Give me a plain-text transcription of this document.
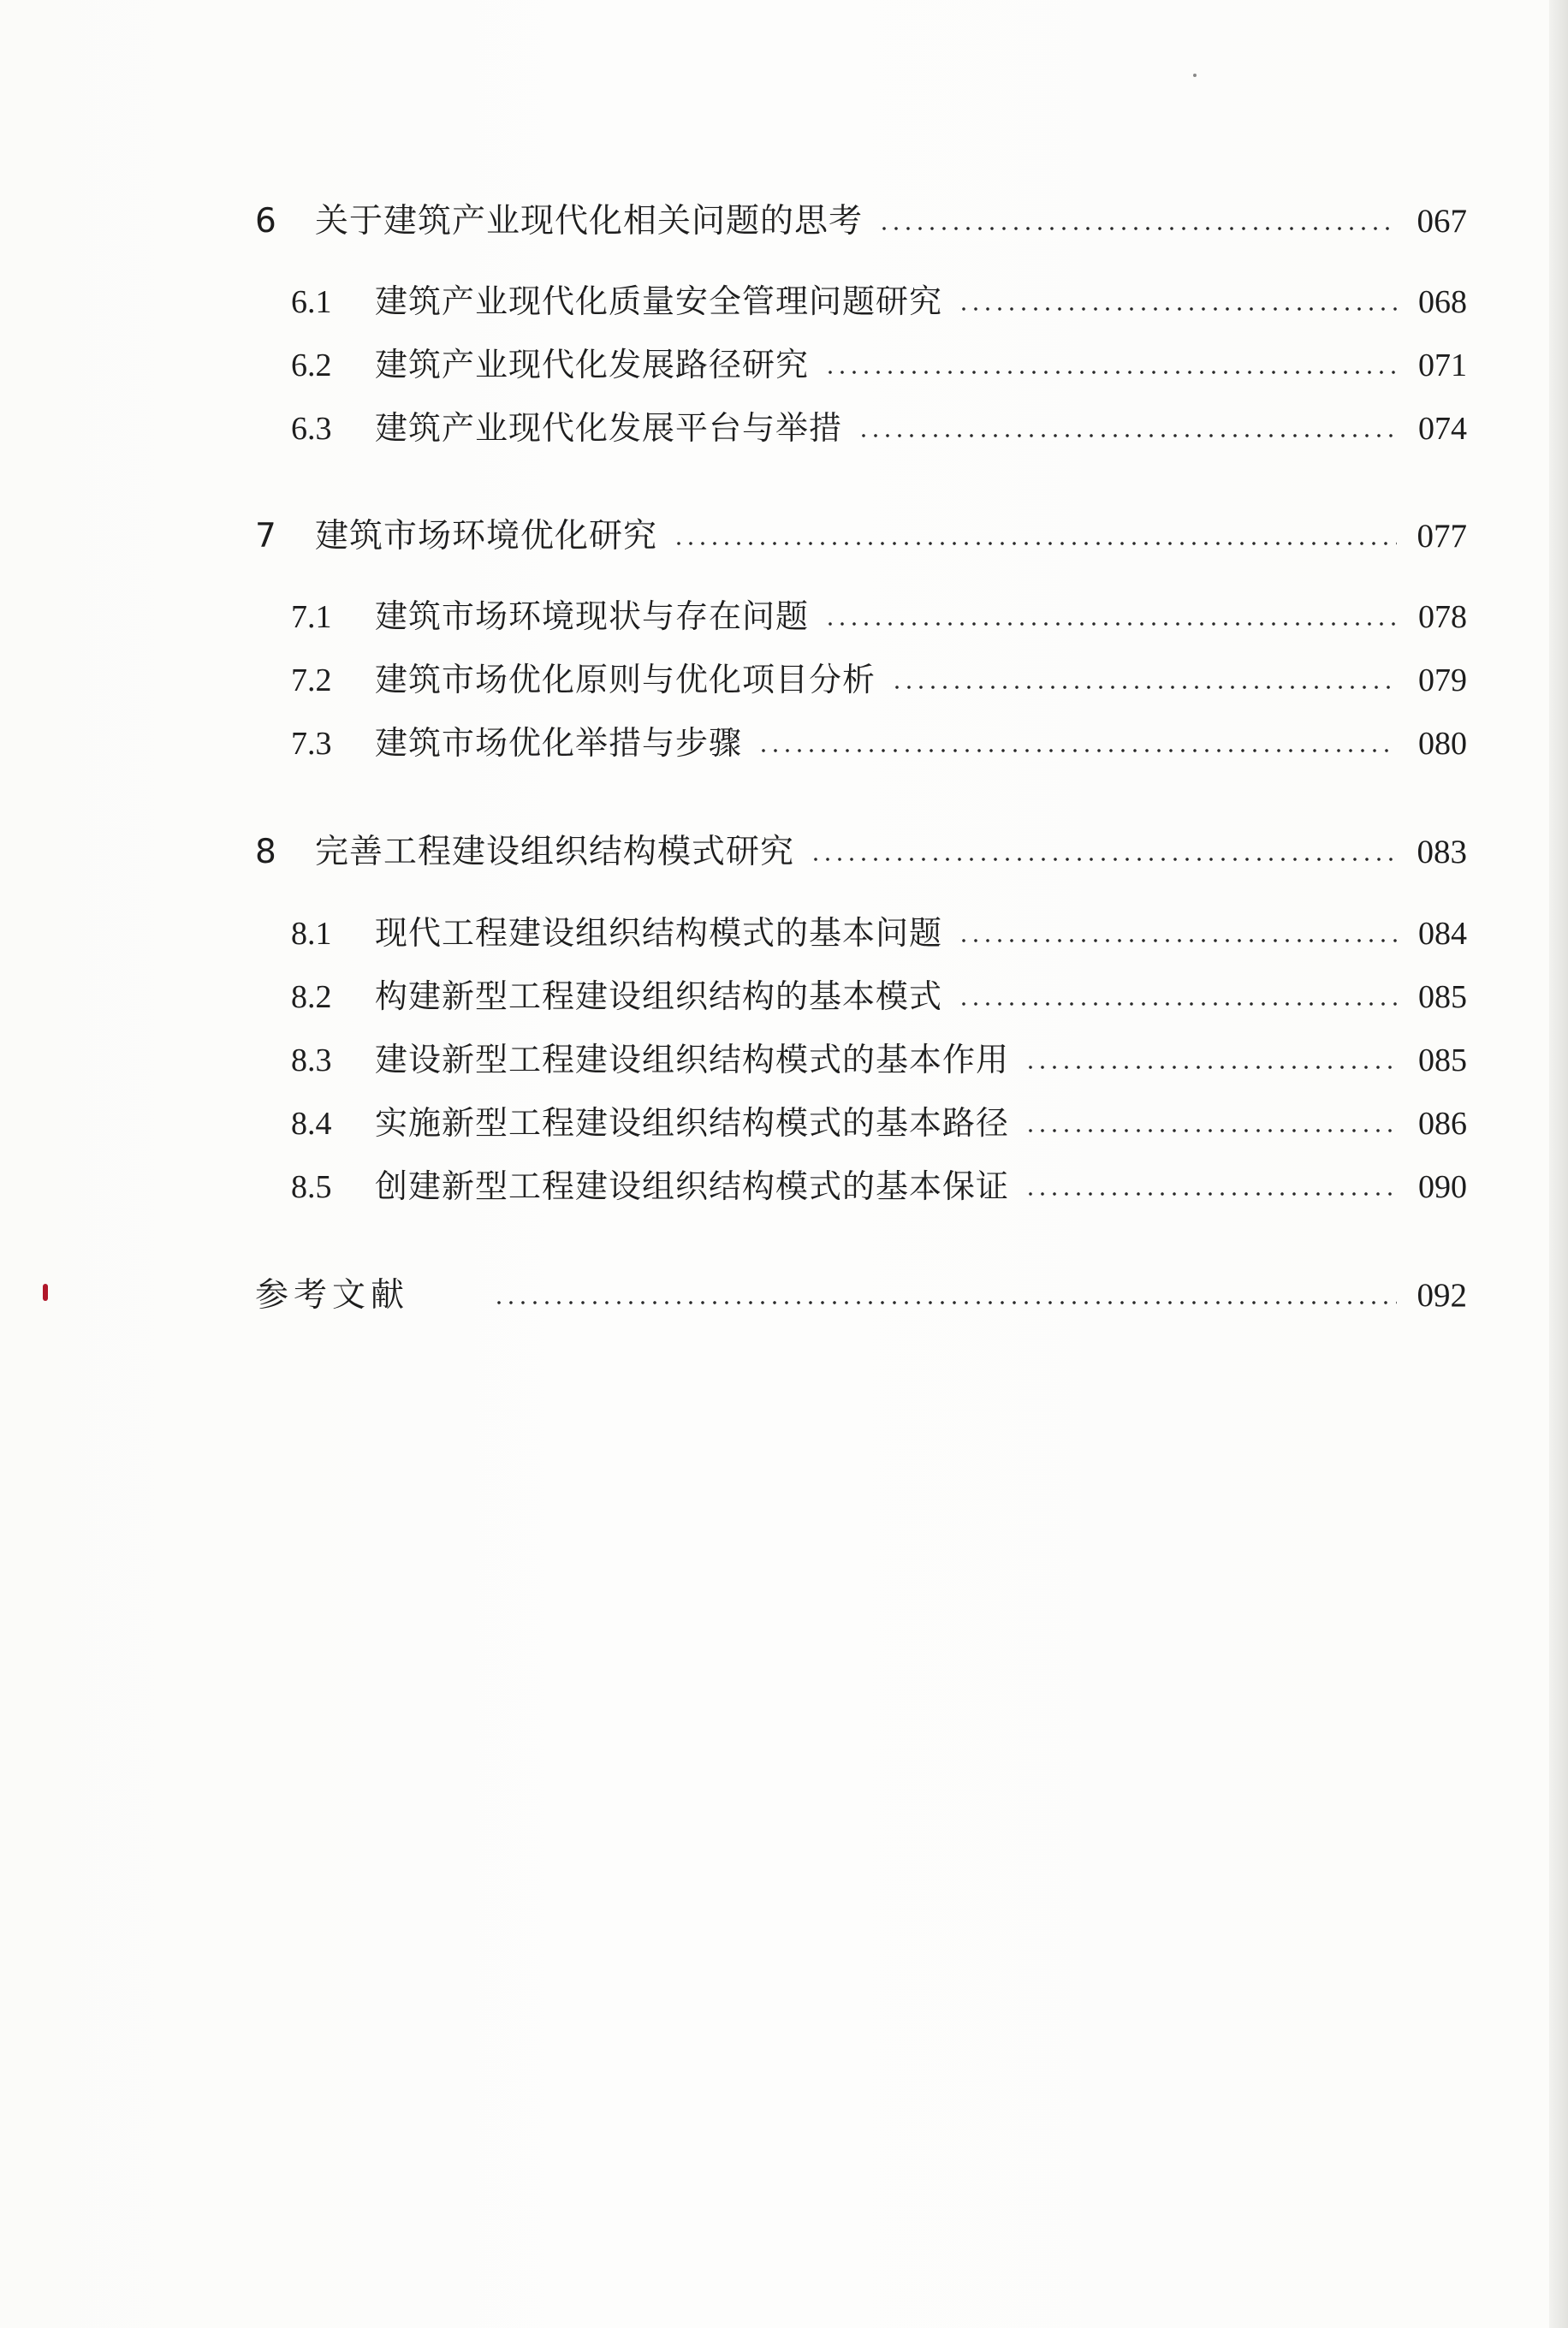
6	关于建筑产业现代化相关问题的思考	067
6.1	建筑产业现代化质量安全管理问题研究	068
6.2	建筑产业现代化发展路径研究	071
6.3	建筑产业现代化发展平台与举措	074
7	建筑市场环境优化研究	077
7.1	建筑市场环境现状与存在问题	078
7.2	建筑市场优化原则与优化项目分析	079
7.3	建筑市场优化举措与步骤	080
8	完善工程建设组织结构模式研究	083
8.1	现代工程建设组织结构模式的基本问题	084
8.2	构建新型工程建设组织结构的基本模式	085
8.3	建设新型工程建设组织结构模式的基本作用	085
8.4	实施新型工程建设组织结构模式的基本路径	086
8.5	创建新型工程建设组织结构模式的基本保证	090
参考文献	092
